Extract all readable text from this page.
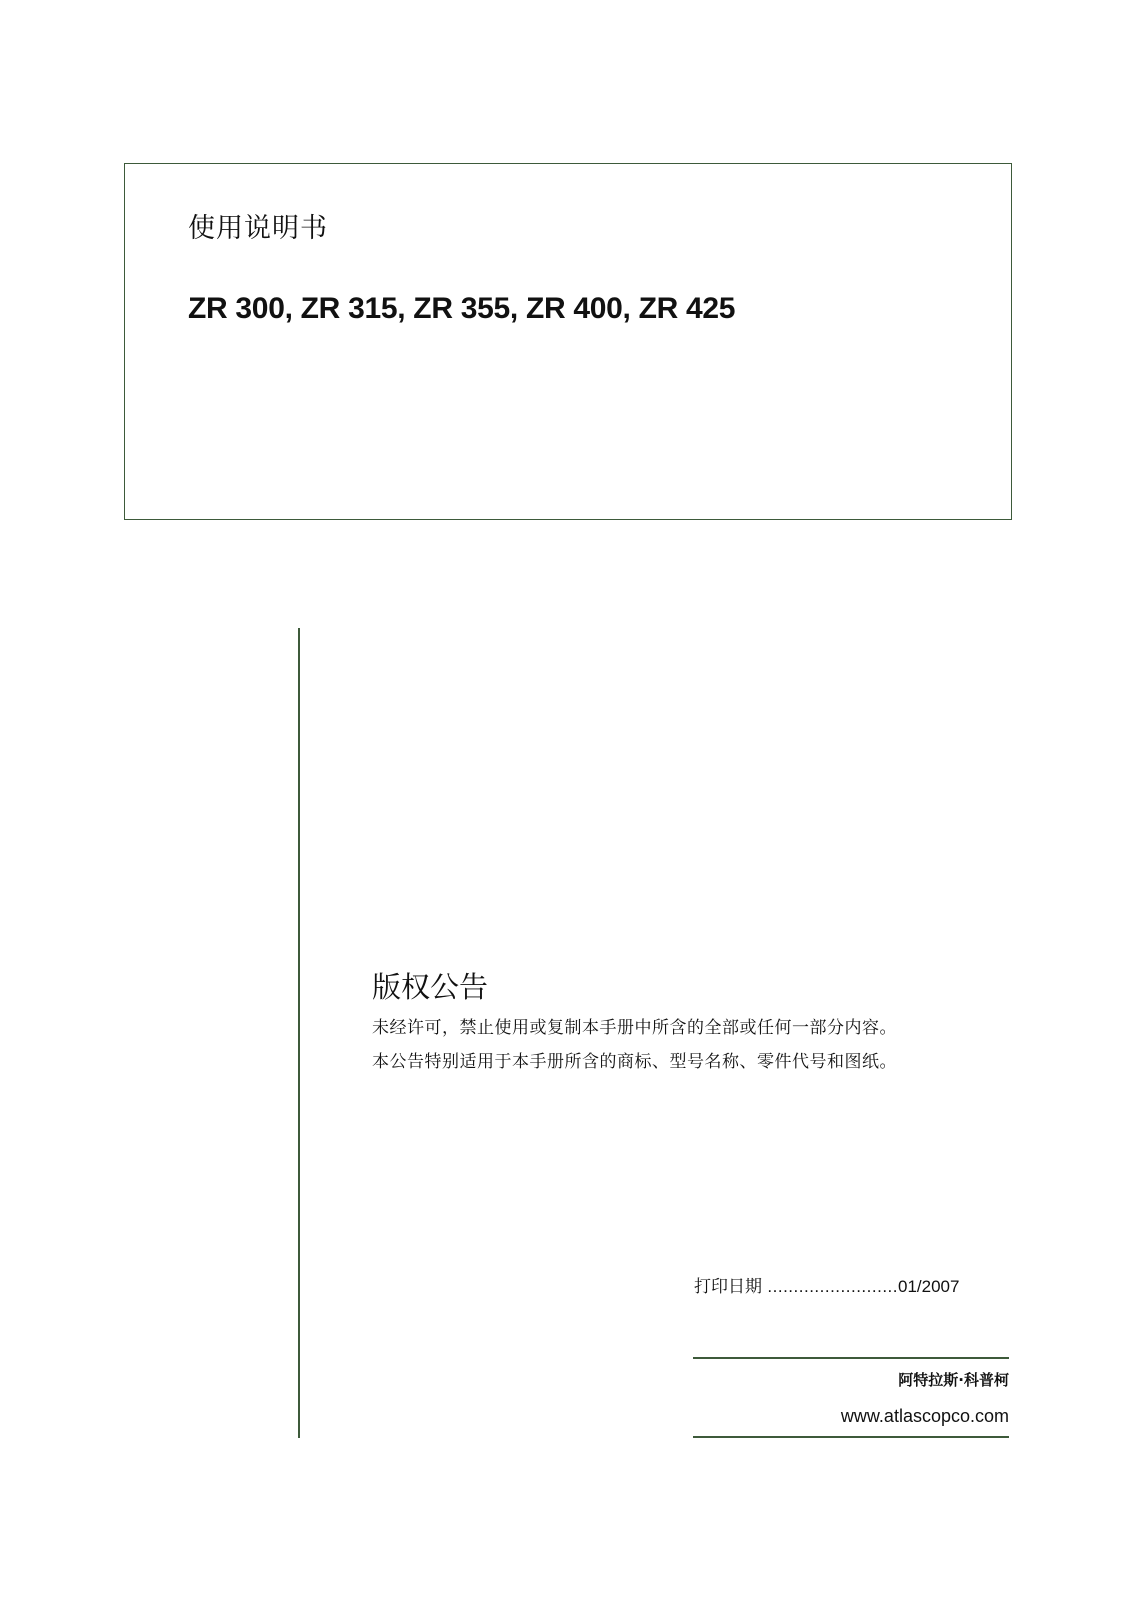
使用说明书
ZR 300, ZR 315, ZR 355, ZR 400, ZR 425
版权公告
未经许可，禁止使用或复制本手册中所含的全部或任何一部分内容。
本公告特别适用于本手册所含的商标、型号名称、零件代号和图纸。
打印日期 .........................01/2007
阿特拉斯·科普柯
www.atlascopco.com
